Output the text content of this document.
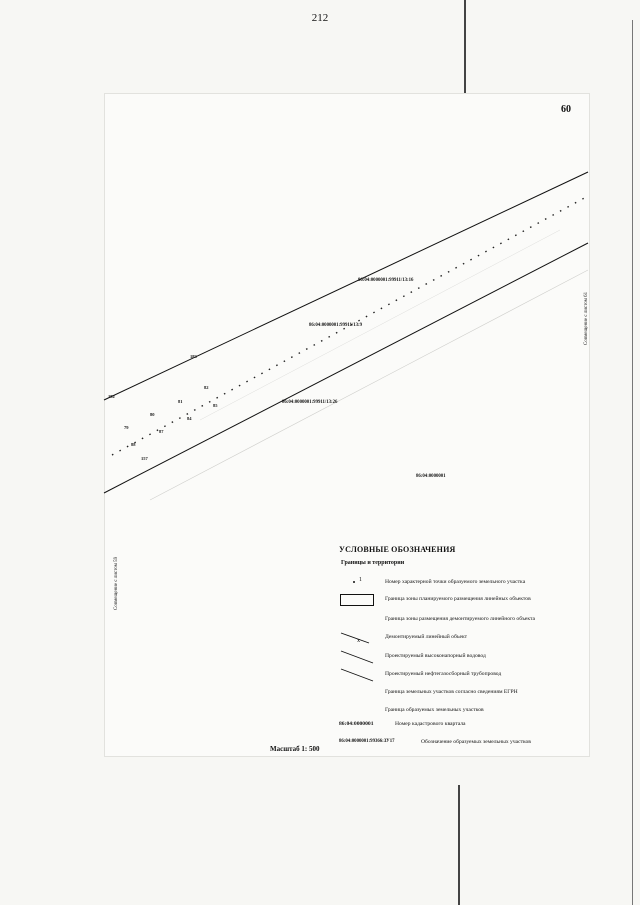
212
60
86:04:0000001:99911/13:16
86:04:0000001:99911/13:9
86:04:0000001:99911/13:26
86:04:0000001
183
182
82
81
85
80
84
79
87
88
157
Совмещение с листом 61
Совмещение с листом 59
УСЛОВНЫЕ ОБОЗНАЧЕНИЯ
Границы и территории
1	Номер характерной точки образуемого земельного участка
Граница зоны планируемого размещения линейных объектов
Граница зоны размещения демонтируемого линейного объекта
x
Демонтируемый линейный объект
Проектируемый высоконапорный водовод
Проектируемый нефтегазосборный трубопровод
Граница земельных участков согласно сведениям ЕГРН
Граница образуемых земельных участков
86:04:0000001	Номер кадастрового квартала
86:04:0000001:99366:ЗУ17	Обозначение образуемых земельных участков
Масштаб 1: 500
